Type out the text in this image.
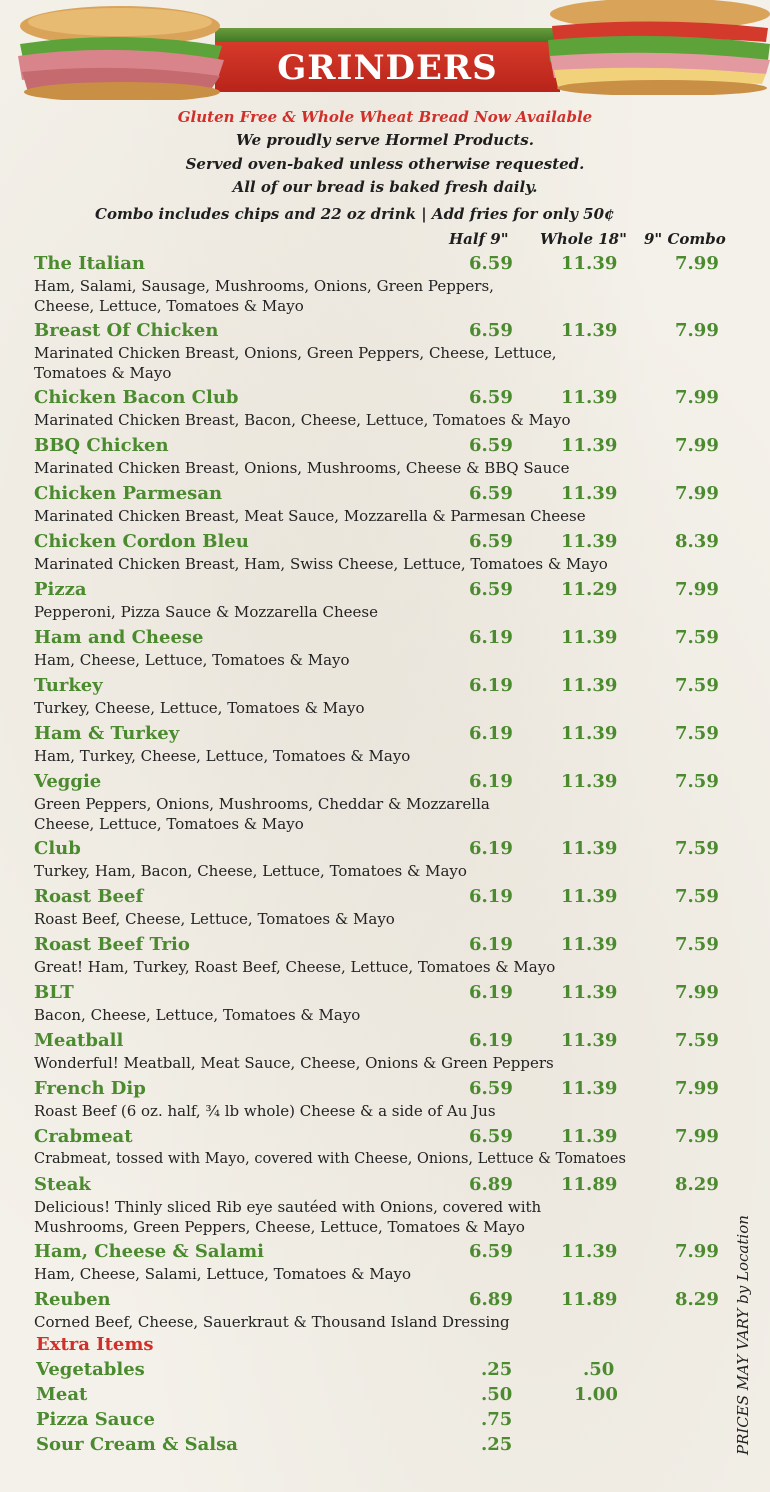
GRINDERS
Gluten Free & Whole Wheat Bread Now Available
We proudly serve Hormel Products.
Served oven-baked unless otherwise requested.
All of our bread is baked fresh daily.
Combo includes chips and 22 oz drink | Add fries for only 50¢
Half 9" Whole 18" 9" Combo
The Italian	6.59	11.39	7.99
Ham, Salami, Sausage, Mushrooms, Onions, Green Peppers, Cheese, Lettuce, Tomatoes & Mayo
Breast Of Chicken	6.59	11.39	7.99
Marinated Chicken Breast, Onions, Green Peppers, Cheese, Lettuce, Tomatoes & Mayo
Chicken Bacon Club	6.59	11.39	7.99
Marinated Chicken Breast, Bacon, Cheese, Lettuce, Tomatoes & Mayo
BBQ Chicken	6.59	11.39	7.99
Marinated Chicken Breast, Onions, Mushrooms, Cheese & BBQ Sauce
Chicken Parmesan	6.59	11.39	7.99
Marinated Chicken Breast, Meat Sauce, Mozzarella & Parmesan Cheese
Chicken Cordon Bleu	6.59	11.39	8.39
Marinated Chicken Breast, Ham, Swiss Cheese, Lettuce, Tomatoes & Mayo
Pizza	6.59	11.29	7.99
Pepperoni, Pizza Sauce & Mozzarella Cheese
Ham and Cheese	6.19	11.39	7.59
Ham, Cheese, Lettuce, Tomatoes & Mayo
Turkey	6.19	11.39	7.59
Turkey, Cheese, Lettuce, Tomatoes & Mayo
Ham & Turkey	6.19	11.39	7.59
Ham, Turkey, Cheese, Lettuce, Tomatoes & Mayo
Veggie	6.19	11.39	7.59
Green Peppers, Onions, Mushrooms, Cheddar & Mozzarella Cheese, Lettuce, Tomatoes & Mayo
Club	6.19	11.39	7.59
Turkey, Ham, Bacon, Cheese, Lettuce, Tomatoes & Mayo
Roast Beef	6.19	11.39	7.59
Roast Beef, Cheese, Lettuce, Tomatoes & Mayo
Roast Beef Trio	6.19	11.39	7.59
Great! Ham, Turkey, Roast Beef, Cheese, Lettuce, Tomatoes & Mayo
BLT	6.19	11.39	7.99
Bacon, Cheese, Lettuce, Tomatoes & Mayo
Meatball	6.19	11.39	7.59
Wonderful! Meatball, Meat Sauce, Cheese, Onions & Green Peppers
French Dip	6.59	11.39	7.99
Roast Beef (6 oz. half, ¾ lb whole) Cheese & a side of Au Jus
Crabmeat	6.59	11.39	7.99
Crabmeat, tossed with Mayo, covered with Cheese, Onions, Lettuce & Tomatoes
Steak	6.89	11.89	8.29
Delicious! Thinly sliced Rib eye sautéed with Onions, covered with Mushrooms, Green Peppers, Cheese, Lettuce, Tomatoes & Mayo
Ham, Cheese & Salami	6.59	11.39	7.99
Ham, Cheese, Salami, Lettuce, Tomatoes & Mayo
Reuben	6.89	11.89	8.29
Corned Beef, Cheese, Sauerkraut & Thousand Island Dressing
Extra Items
Vegetables	.25	.50
Meat	.50	1.00
Pizza Sauce	.75
Sour Cream & Salsa	.25	PRICES MAY VARY by Location
